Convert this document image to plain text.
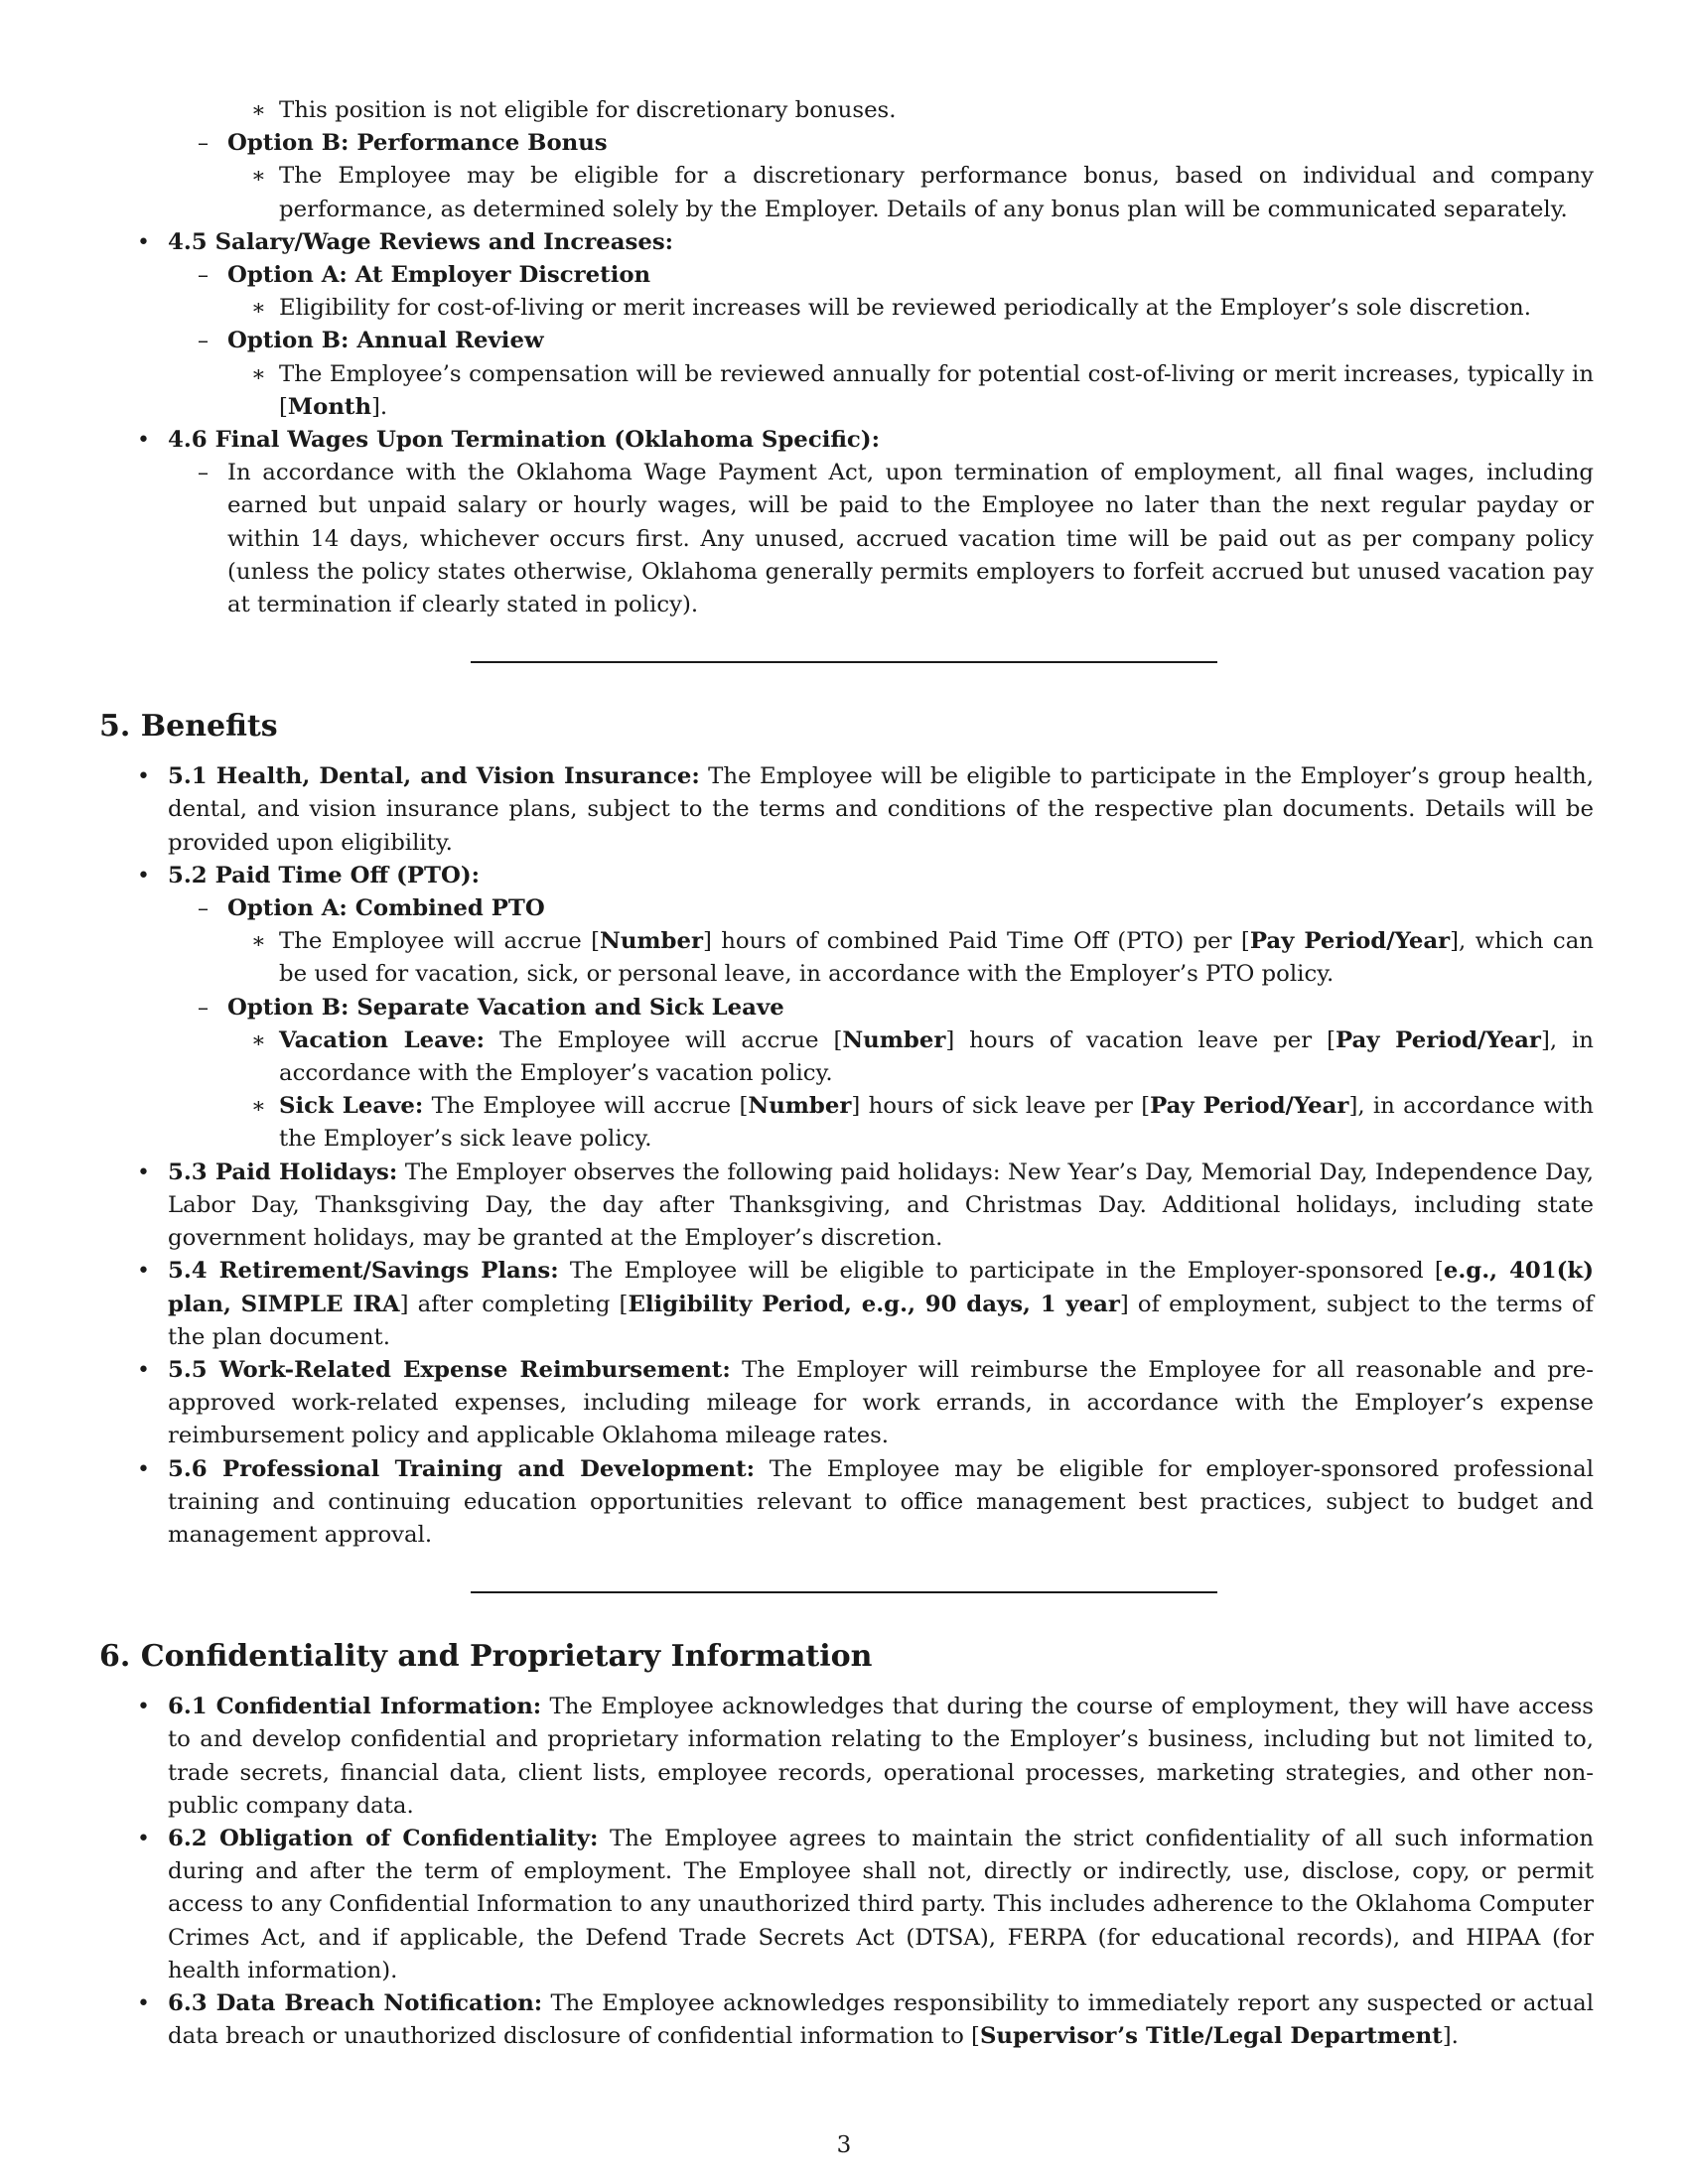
∗ This position is not eligible for discretionary bonuses.
– Option B: Performance Bonus
∗ The Employee may be eligible for a discretionary performance bonus, based on individual and company performance, as determined solely by the Employer. Details of any bonus plan will be communicated separately.
• 4.5 Salary/Wage Reviews and Increases:
– Option A: At Employer Discretion
∗ Eligibility for cost-of-living or merit increases will be reviewed periodically at the Employer’s sole discretion.
– Option B: Annual Review
∗ The Employee’s compensation will be reviewed annually for potential cost-of-living or merit increases, typically in [Month].
• 4.6 Final Wages Upon Termination (Oklahoma Specific):
– In accordance with the Oklahoma Wage Payment Act, upon termination of employment, all final wages, including earned but unpaid salary or hourly wages, will be paid to the Employee no later than the next regular payday or within 14 days, whichever occurs first. Any unused, accrued vacation time will be paid out as per company policy (unless the policy states otherwise, Oklahoma generally permits employers to forfeit accrued but unused vacation pay at termination if clearly stated in policy).
5. Benefits
• 5.1 Health, Dental, and Vision Insurance: The Employee will be eligible to participate in the Employer’s group health, dental, and vision insurance plans, subject to the terms and conditions of the respective plan documents. Details will be provided upon eligibility.
• 5.2 Paid Time Off (PTO):
– Option A: Combined PTO
∗ The Employee will accrue [Number] hours of combined Paid Time Off (PTO) per [Pay Period/Year], which can be used for vacation, sick, or personal leave, in accordance with the Employer’s PTO policy.
– Option B: Separate Vacation and Sick Leave
∗ Vacation Leave: The Employee will accrue [Number] hours of vacation leave per [Pay Period/Year], in accordance with the Employer’s vacation policy.
∗ Sick Leave: The Employee will accrue [Number] hours of sick leave per [Pay Period/Year], in accordance with the Employer’s sick leave policy.
• 5.3 Paid Holidays: The Employer observes the following paid holidays: New Year’s Day, Memorial Day, Independence Day, Labor Day, Thanksgiving Day, the day after Thanksgiving, and Christmas Day. Additional holidays, including state government holidays, may be granted at the Employer’s discretion.
• 5.4 Retirement/Savings Plans: The Employee will be eligible to participate in the Employer-sponsored [e.g., 401(k) plan, SIMPLE IRA] after completing [Eligibility Period, e.g., 90 days, 1 year] of employment, subject to the terms of the plan document.
• 5.5 Work-Related Expense Reimbursement: The Employer will reimburse the Employee for all reasonable and pre-approved work-related expenses, including mileage for work errands, in accordance with the Employer’s expense reimbursement policy and applicable Oklahoma mileage rates.
• 5.6 Professional Training and Development: The Employee may be eligible for employer-sponsored professional training and continuing education opportunities relevant to office management best practices, subject to budget and management approval.
6. Confidentiality and Proprietary Information
• 6.1 Confidential Information: The Employee acknowledges that during the course of employment, they will have access to and develop confidential and proprietary information relating to the Employer’s business, including but not limited to, trade secrets, financial data, client lists, employee records, operational processes, marketing strategies, and other non-public company data.
• 6.2 Obligation of Confidentiality: The Employee agrees to maintain the strict confidentiality of all such information during and after the term of employment. The Employee shall not, directly or indirectly, use, disclose, copy, or permit access to any Confidential Information to any unauthorized third party. This includes adherence to the Oklahoma Computer Crimes Act, and if applicable, the Defend Trade Secrets Act (DTSA), FERPA (for educational records), and HIPAA (for health information).
• 6.3 Data Breach Notification: The Employee acknowledges responsibility to immediately report any suspected or actual data breach or unauthorized disclosure of confidential information to [Supervisor’s Title/Legal Department].
3
